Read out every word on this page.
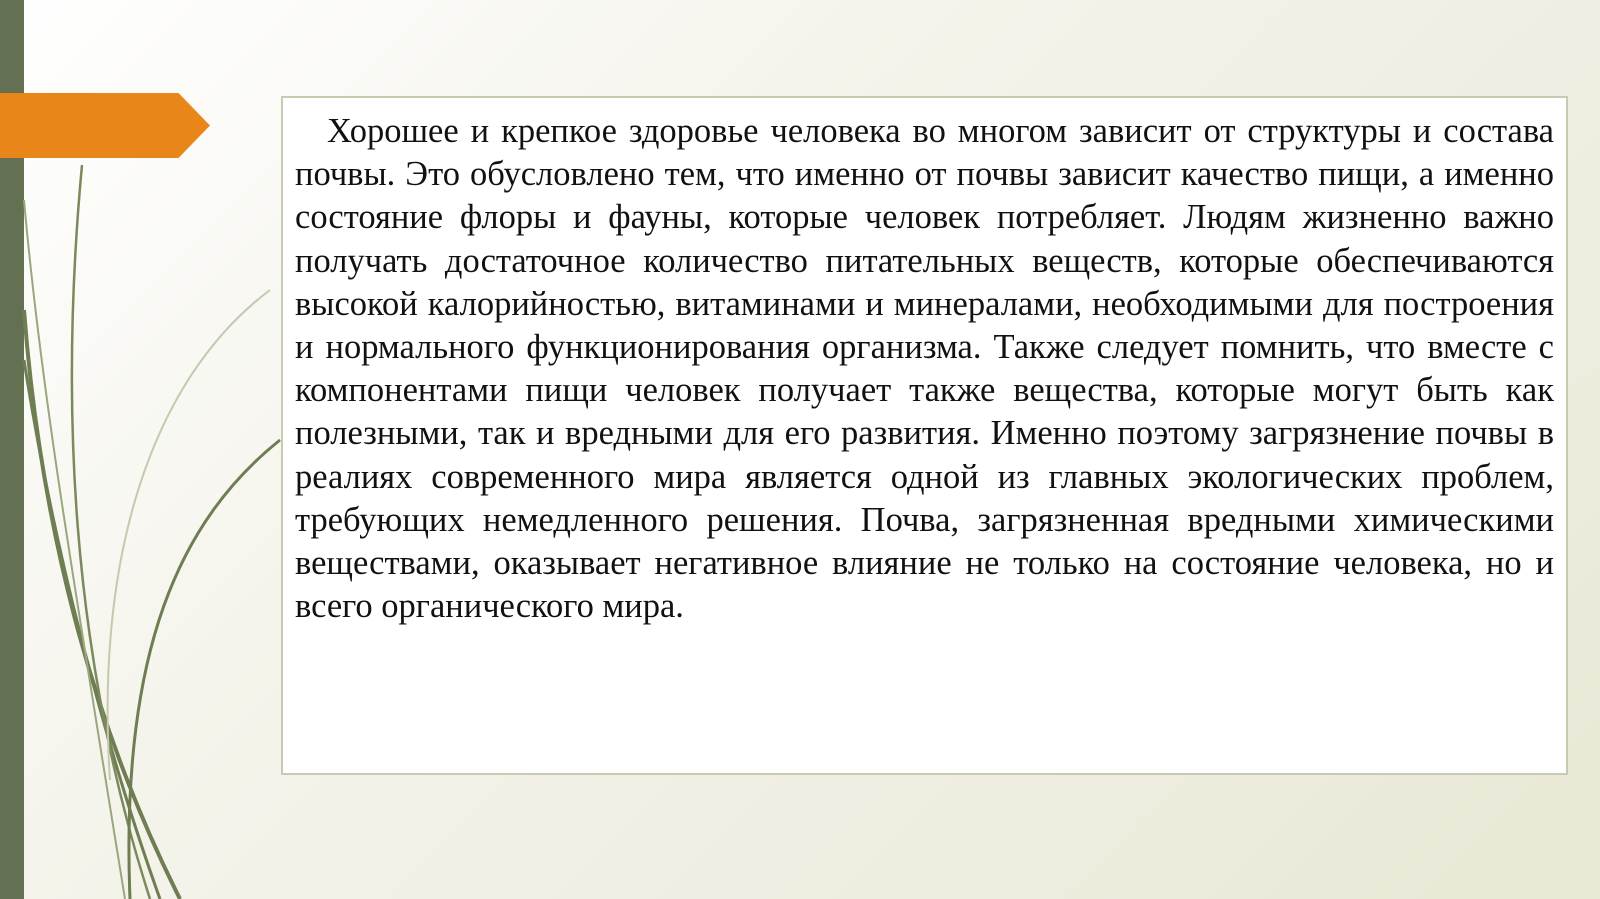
Хорошее и крепкое здоровье человека во многом зависит от структуры и состава почвы. Это обусловлено тем, что именно от почвы зависит качество пищи, а именно состояние флоры и фауны, которые человек потребляет. Людям жизненно важно получать достаточное количество питательных веществ, которые обеспечиваются высокой калорийностью, витаминами и минералами, необходимыми для построения и нормального функционирования организма. Также следует помнить, что вместе с компонентами пищи человек получает также вещества, которые могут быть как полезными, так и вредными для его развития. Именно поэтому загрязнение почвы в реалиях современного мира является одной из главных экологических проблем, требующих немедленного решения. Почва, загрязненная вредными химическими веществами, оказывает негативное влияние не только на состояние человека, но и всего органического мира.
